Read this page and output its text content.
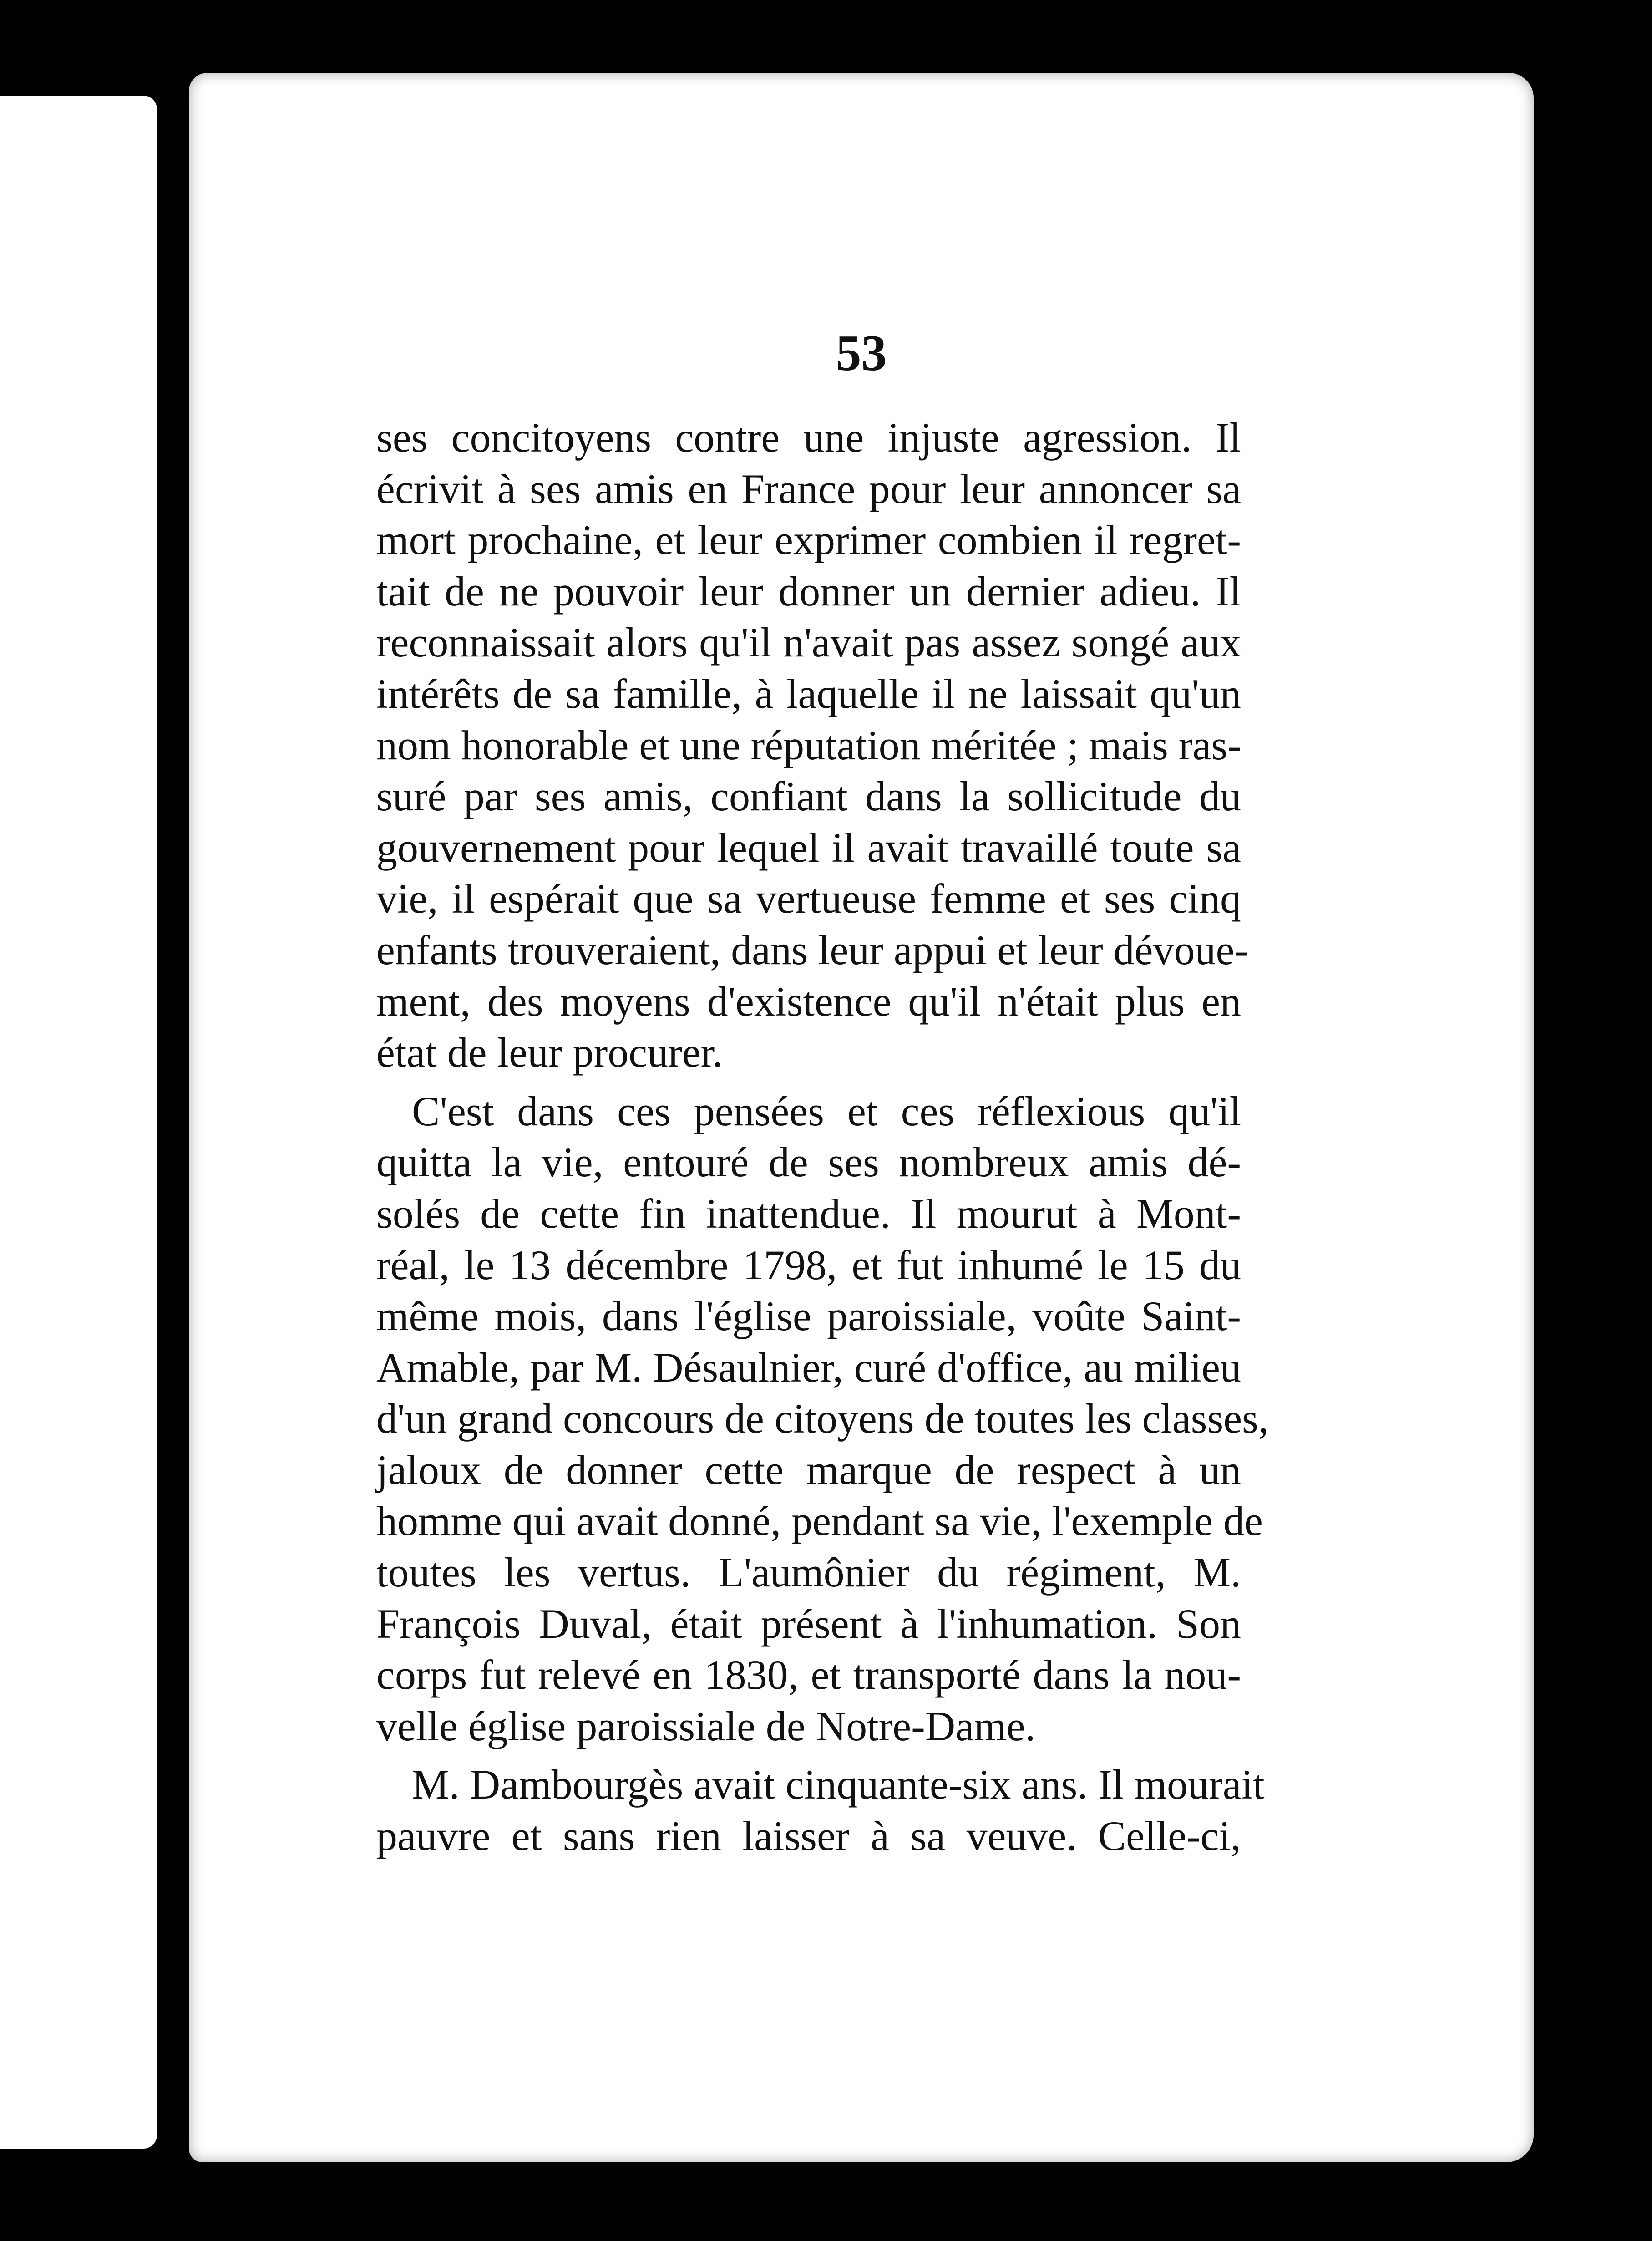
53

ses concitoyens contre une injuste agression. Il
écrivit à ses amis en France pour leur annoncer sa
mort prochaine, et leur exprimer combien il regret-
tait de ne pouvoir leur donner un dernier adieu. Il
reconnaissait alors qu'il n'avait pas assez songé aux
intérêts de sa famille, à laquelle il ne laissait qu'un
nom honorable et une réputation méritée ; mais ras-
suré par ses amis, confiant dans la sollicitude du
gouvernement pour lequel il avait travaillé toute sa
vie, il espérait que sa vertueuse femme et ses cinq
enfants trouveraient, dans leur appui et leur dévoue-
ment, des moyens d'existence qu'il n'était plus en
état de leur procurer.
C'est dans ces pensées et ces réflexious qu'il
quitta la vie, entouré de ses nombreux amis dé-
solés de cette fin inattendue. Il mourut à Mont-
réal, le 13 décembre 1798, et fut inhumé le 15 du
même mois, dans l'église paroissiale, voûte Saint-
Amable, par M. Désaulnier, curé d'office, au milieu
d'un grand concours de citoyens de toutes les classes,
jaloux de donner cette marque de respect à un
homme qui avait donné, pendant sa vie, l'exemple de
toutes les vertus. L'aumônier du régiment, M.
François Duval, était présent à l'inhumation. Son
corps fut relevé en 1830, et transporté dans la nou-
velle église paroissiale de Notre-Dame.
M. Dambourgès avait cinquante-six ans. Il mourait
pauvre et sans rien laisser à sa veuve. Celle-ci,
